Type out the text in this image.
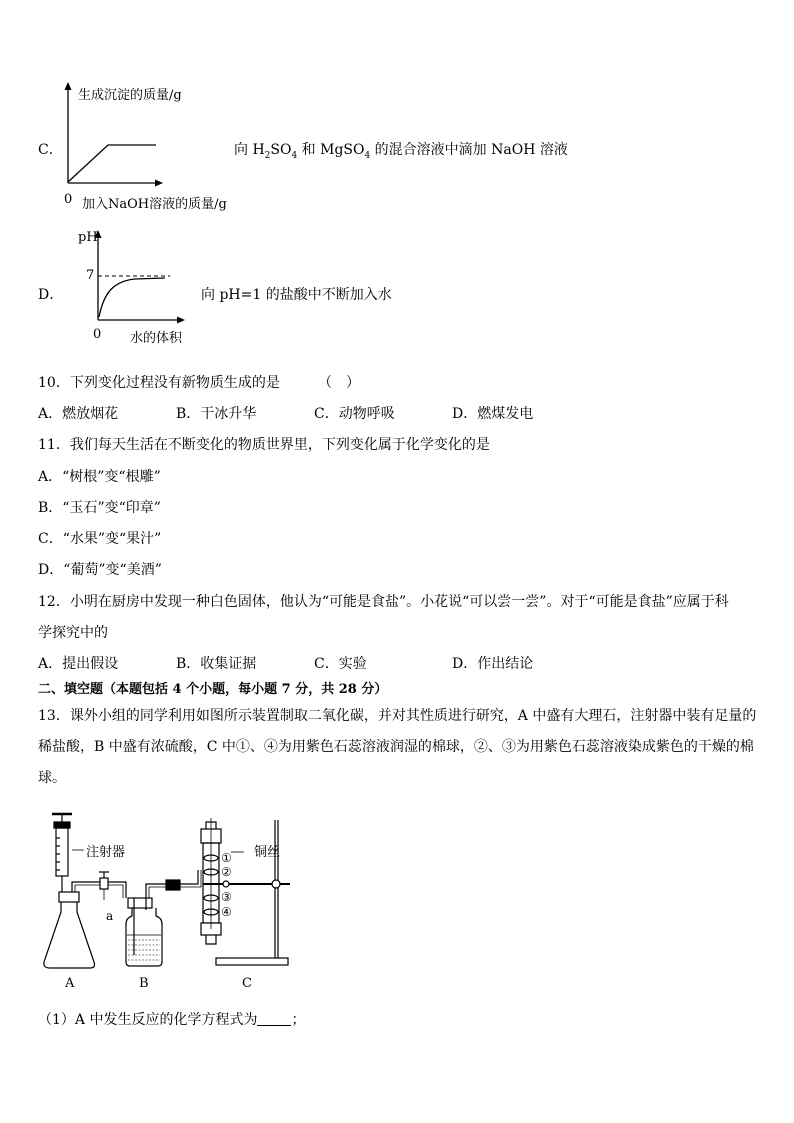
C．
生成沉淀的质量/g
0 加入NaOH溶液的质量/g
向 $H_2SO_4$ 和 MgSO$_4$ 的混合溶液中滴加 NaOH 溶液
D．
pH
7
0 水的体积
向 pH=1 的盐酸中不断加入水
10．下列变化过程没有新物质生成的是	（　）
A．燃放烟花	B．干冰升华	C．动物呼吸	D．燃煤发电
11．我们每天生活在不断变化的物质世界里，下列变化属于化学变化的是
A．“树根”变“根雕”
B．“玉石”变“印章”
C．“水果”变“果汁”
D．“葡萄”变“美酒”
12．小明在厨房中发现一种白色固体，他认为“可能是食盐”。小花说“可以尝一尝”。对于“可能是食盐”应属于科
学探究中的
A．提出假设	B．收集证据	C．实验	D．作出结论
二、填空题（本题包括 4 个小题，每小题 7 分，共 28 分）
13．课外小组的同学利用如图所示装置制取二氧化碳，并对其性质进行研究，A 中盛有大理石，注射器中装有足量的
稀盐酸，B 中盛有浓硫酸，C 中①、④为用紫色石蕊溶液润湿的棉球，②、③为用紫色石蕊溶液染成紫色的干燥的棉
球。
注射器
a
铜丝
①
②
③
④
A	B	C
（1）A 中发生反应的化学方程式为 ；
